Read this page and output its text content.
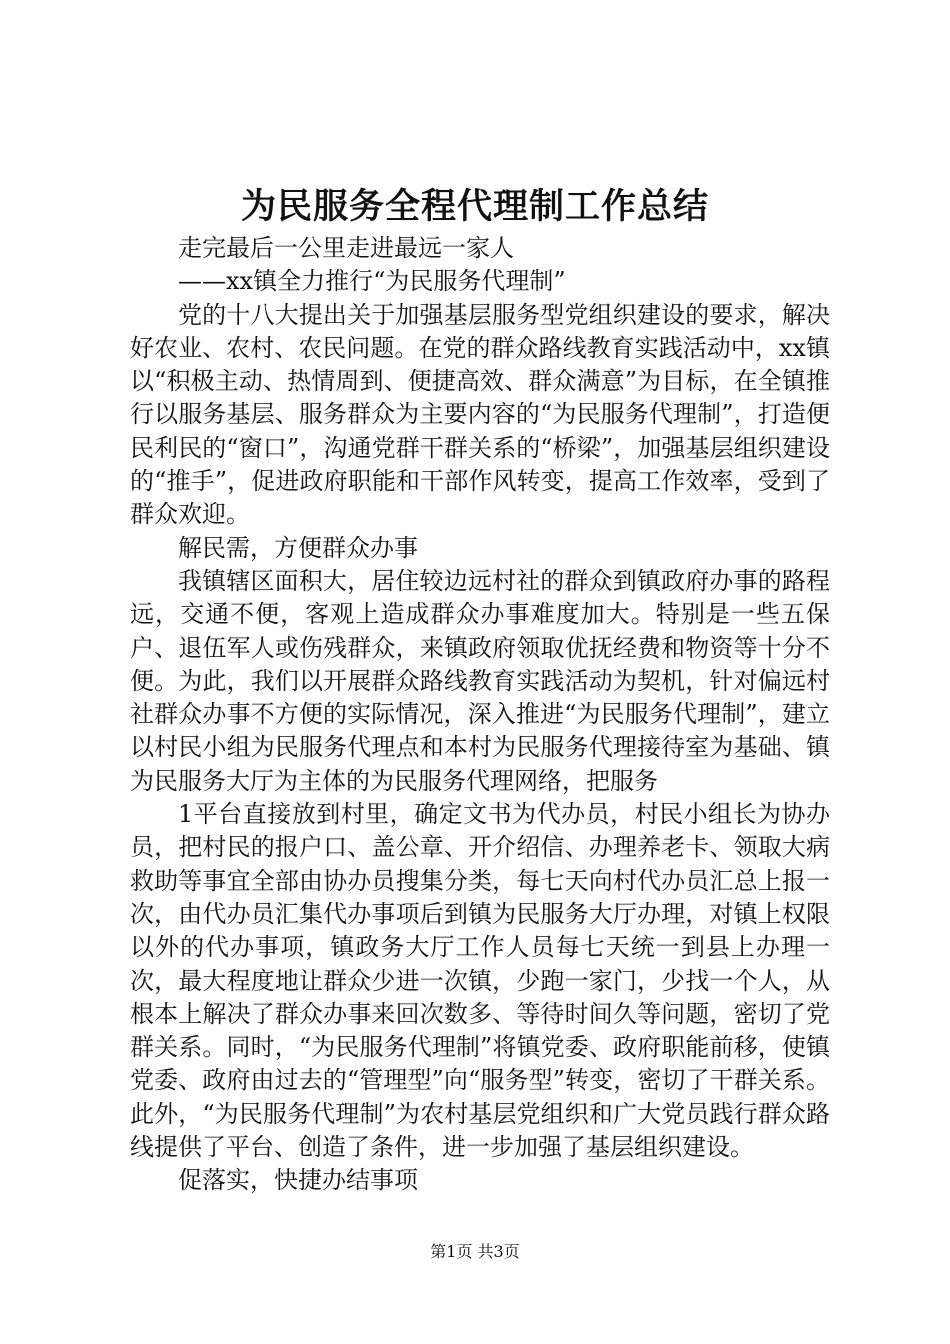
为民服务全程代理制工作总结

走完最后一公里走进最远一家人

——xx镇全力推行“为民服务代理制”

党的十八大提出关于加强基层服务型党组织建设的要求，解决好农业、农村、农民问题。在党的群众路线教育实践活动中，xx镇以“积极主动、热情周到、便捷高效、群众满意”为目标，在全镇推行以服务基层、服务群众为主要内容的“为民服务代理制”，打造便民利民的“窗口”，沟通党群干群关系的“桥梁”，加强基层组织建设的“推手”，促进政府职能和干部作风转变，提高工作效率，受到了群众欢迎。

解民需，方便群众办事

我镇辖区面积大，居住较边远村社的群众到镇政府办事的路程远，交通不便，客观上造成群众办事难度加大。特别是一些五保户、退伍军人或伤残群众，来镇政府领取优抚经费和物资等十分不便。为此，我们以开展群众路线教育实践活动为契机，针对偏远村社群众办事不方便的实际情况，深入推进“为民服务代理制”，建立以村民小组为民服务代理点和本村为民服务代理接待室为基础、镇为民服务大厅为主体的为民服务代理网络，把服务

1平台直接放到村里，确定文书为代办员，村民小组长为协办员，把村民的报户口、盖公章、开介绍信、办理养老卡、领取大病救助等事宜全部由协办员搜集分类，每七天向村代办员汇总上报一次，由代办员汇集代办事项后到镇为民服务大厅办理，对镇上权限以外的代办事项，镇政务大厅工作人员每七天统一到县上办理一次，最大程度地让群众少进一次镇，少跑一家门，少找一个人，从根本上解决了群众办事来回次数多、等待时间久等问题，密切了党群关系。同时，“为民服务代理制”将镇党委、政府职能前移，使镇党委、政府由过去的“管理型”向“服务型”转变，密切了干群关系。此外，“为民服务代理制”为农村基层党组织和广大党员践行群众路线提供了平台、创造了条件，进一步加强了基层组织建设。

促落实，快捷办结事项

第1页 共3页
